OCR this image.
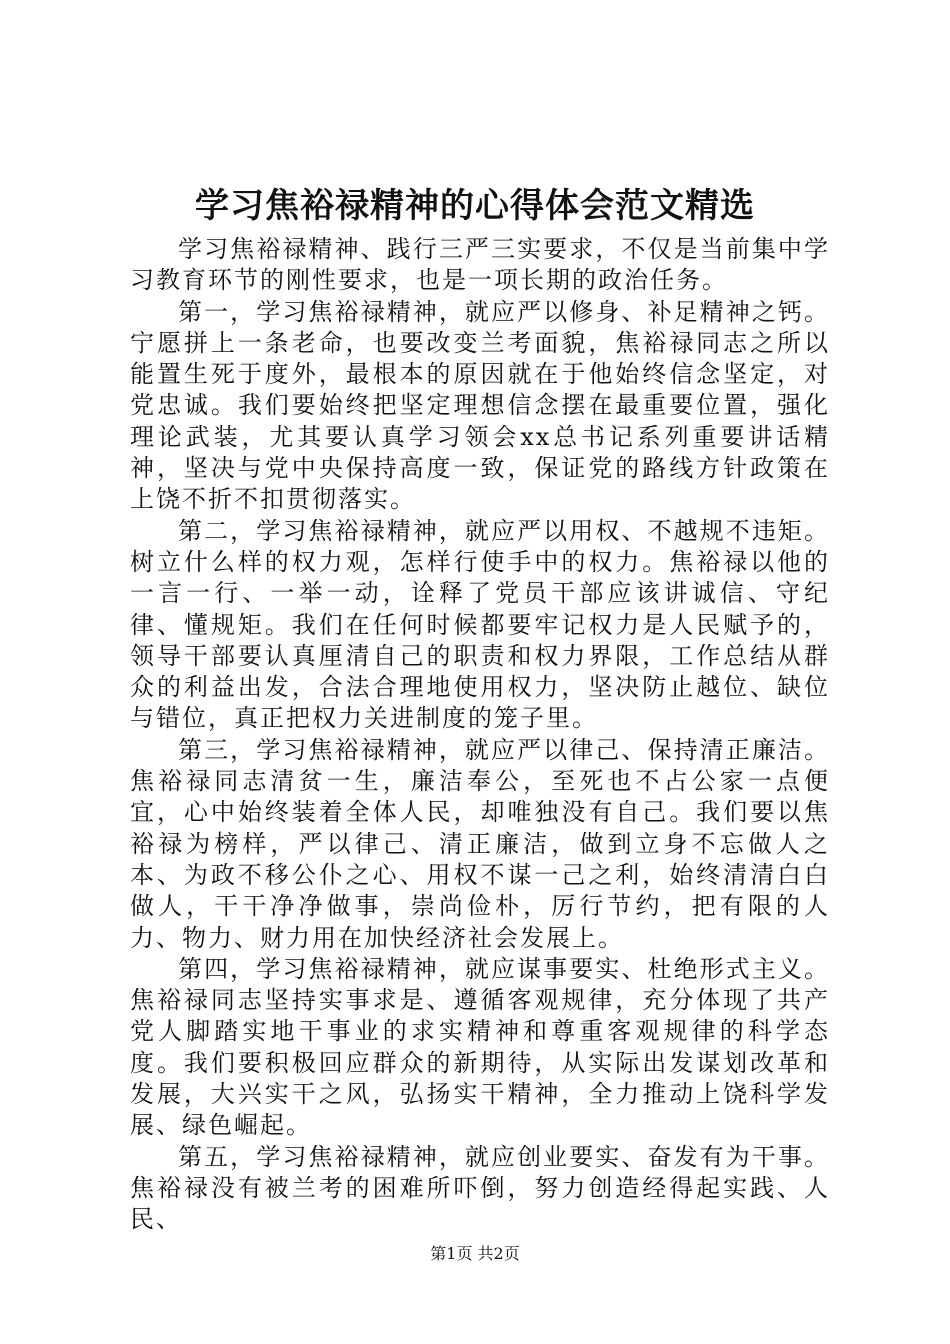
学习焦裕禄精神的心得体会范文精选

学习焦裕禄精神、践行三严三实要求，不仅是当前集中学习教育环节的刚性要求，也是一项长期的政治任务。

第一，学习焦裕禄精神，就应严以修身、补足精神之钙。宁愿拼上一条老命，也要改变兰考面貌，焦裕禄同志之所以能置生死于度外，最根本的原因就在于他始终信念坚定，对党忠诚。我们要始终把坚定理想信念摆在最重要位置，强化理论武装，尤其要认真学习领会xx总书记系列重要讲话精神，坚决与党中央保持高度一致，保证党的路线方针政策在上饶不折不扣贯彻落实。

第二，学习焦裕禄精神，就应严以用权、不越规不违矩。树立什么样的权力观，怎样行使手中的权力。焦裕禄以他的一言一行、一举一动，诠释了党员干部应该讲诚信、守纪律、懂规矩。我们在任何时候都要牢记权力是人民赋予的，领导干部要认真厘清自己的职责和权力界限，工作总结从群众的利益出发，合法合理地使用权力，坚决防止越位、缺位与错位，真正把权力关进制度的笼子里。

第三，学习焦裕禄精神，就应严以律己、保持清正廉洁。焦裕禄同志清贫一生，廉洁奉公，至死也不占公家一点便宜，心中始终装着全体人民，却唯独没有自己。我们要以焦裕禄为榜样，严以律己、清正廉洁，做到立身不忘做人之本、为政不移公仆之心、用权不谋一己之利，始终清清白白做人，干干净净做事，崇尚俭朴，厉行节约，把有限的人力、物力、财力用在加快经济社会发展上。

第四，学习焦裕禄精神，就应谋事要实、杜绝形式主义。焦裕禄同志坚持实事求是、遵循客观规律，充分体现了共产党人脚踏实地干事业的求实精神和尊重客观规律的科学态度。我们要积极回应群众的新期待，从实际出发谋划改革和发展，大兴实干之风，弘扬实干精神，全力推动上饶科学发展、绿色崛起。

第五，学习焦裕禄精神，就应创业要实、奋发有为干事。焦裕禄没有被兰考的困难所吓倒，努力创造经得起实践、人民、

第1页 共2页
